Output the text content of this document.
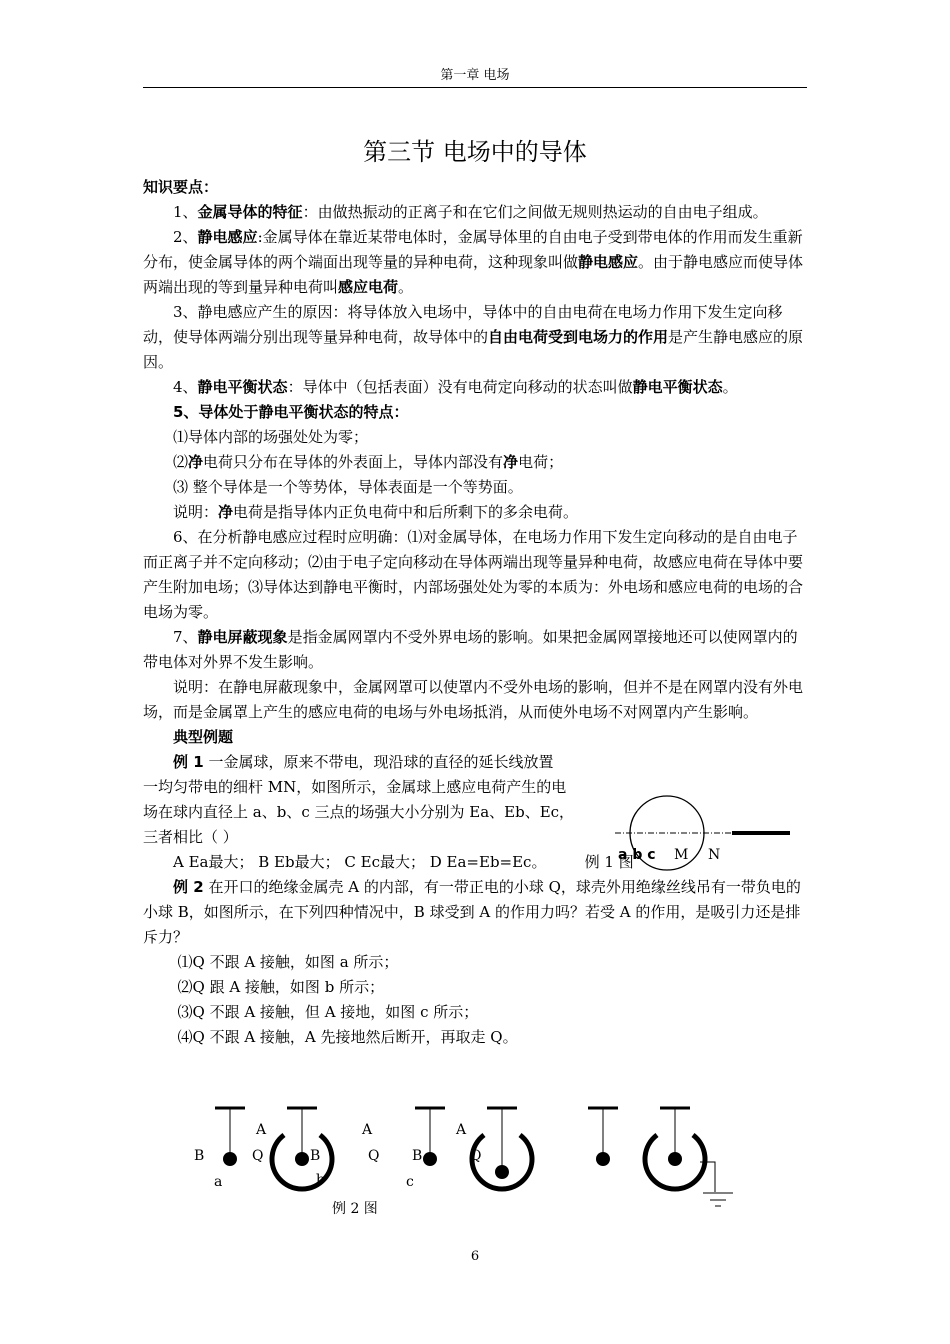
第一章 电场
第三节 电场中的导体

知识要点：

1、金属导体的特征：由做热振动的正离子和在它们之间做无规则热运动的自由电子组成。

2、静电感应:金属导体在靠近某带电体时，金属导体里的自由电子受到带电体的作用而发生重新分布，使金属导体的两个端面出现等量的异种电荷，这种现象叫做静电感应。由于静电感应而使导体两端出现的等到量异种电荷叫感应电荷。

3、静电感应产生的原因：将导体放入电场中，导体中的自由电荷在电场力作用下发生定向移动，使导体两端分别出现等量异种电荷，故导体中的自由电荷受到电场力的作用是产生静电感应的原因。

4、静电平衡状态：导体中（包括表面）没有电荷定向移动的状态叫做静电平衡状态。

5、导体处于静电平衡状态的特点：

⑴导体内部的场强处处为零；

⑵净电荷只分布在导体的外表面上，导体内部没有净电荷；

⑶ 整个导体是一个等势体，导体表面是一个等势面。

说明：净电荷是指导体内正负电荷中和后所剩下的多余电荷。

6、在分析静电感应过程时应明确：⑴对金属导体，在电场力作用下发生定向移动的是自由电子而正离子并不定向移动；⑵由于电子定向移动在导体两端出现等量异种电荷，故感应电荷在导体中要产生附加电场；⑶导体达到静电平衡时，内部场强处处为零的本质为：外电场和感应电荷的电场的合电场为零。

7、静电屏蔽现象是指金属网罩内不受外界电场的影响。如果把金属网罩接地还可以使网罩内的带电体对外界不发生影响。

说明：在静电屏蔽现象中，金属网罩可以使罩内不受外电场的影响，但并不是在网罩内没有外电场，而是金属罩上产生的感应电荷的电场与外电场抵消，从而使外电场不对网罩内产生影响。

典型例题

例 1 一金属球，原来不带电，现沿球的直径的延长线放置

一均匀带电的细杆 MN，如图所示，金属球上感应电荷产生的电

场在球内直径上 a、b、c 三点的场强大小分别为 Ea、Eb、Ec，

三者相比（ ）

A Ea最大； B Eb最大； C Ec最大； D Ea=Eb=Ec。	例 1 图

例 2 在开口的绝缘金属壳 A 的内部，有一带正电的小球 Q，球壳外用绝缘丝线吊有一带负电的小球 B，如图所示，在下列四种情况中，B 球受到 A 的作用力吗？若受 A 的作用，是吸引力还是排斥力？

⑴Q 不跟 A 接触，如图 a 所示；

⑵Q 跟 A 接触，如图 b 所示；

⑶Q 不跟 A 接触，但 A 接地，如图 c 所示；

⑷Q 不跟 A 接触，A 先接地然后断开，再取走 Q。

a b c M N
A
B	Q
a
A
B	Q
b
A
B	Q
c
例 2 图
6
